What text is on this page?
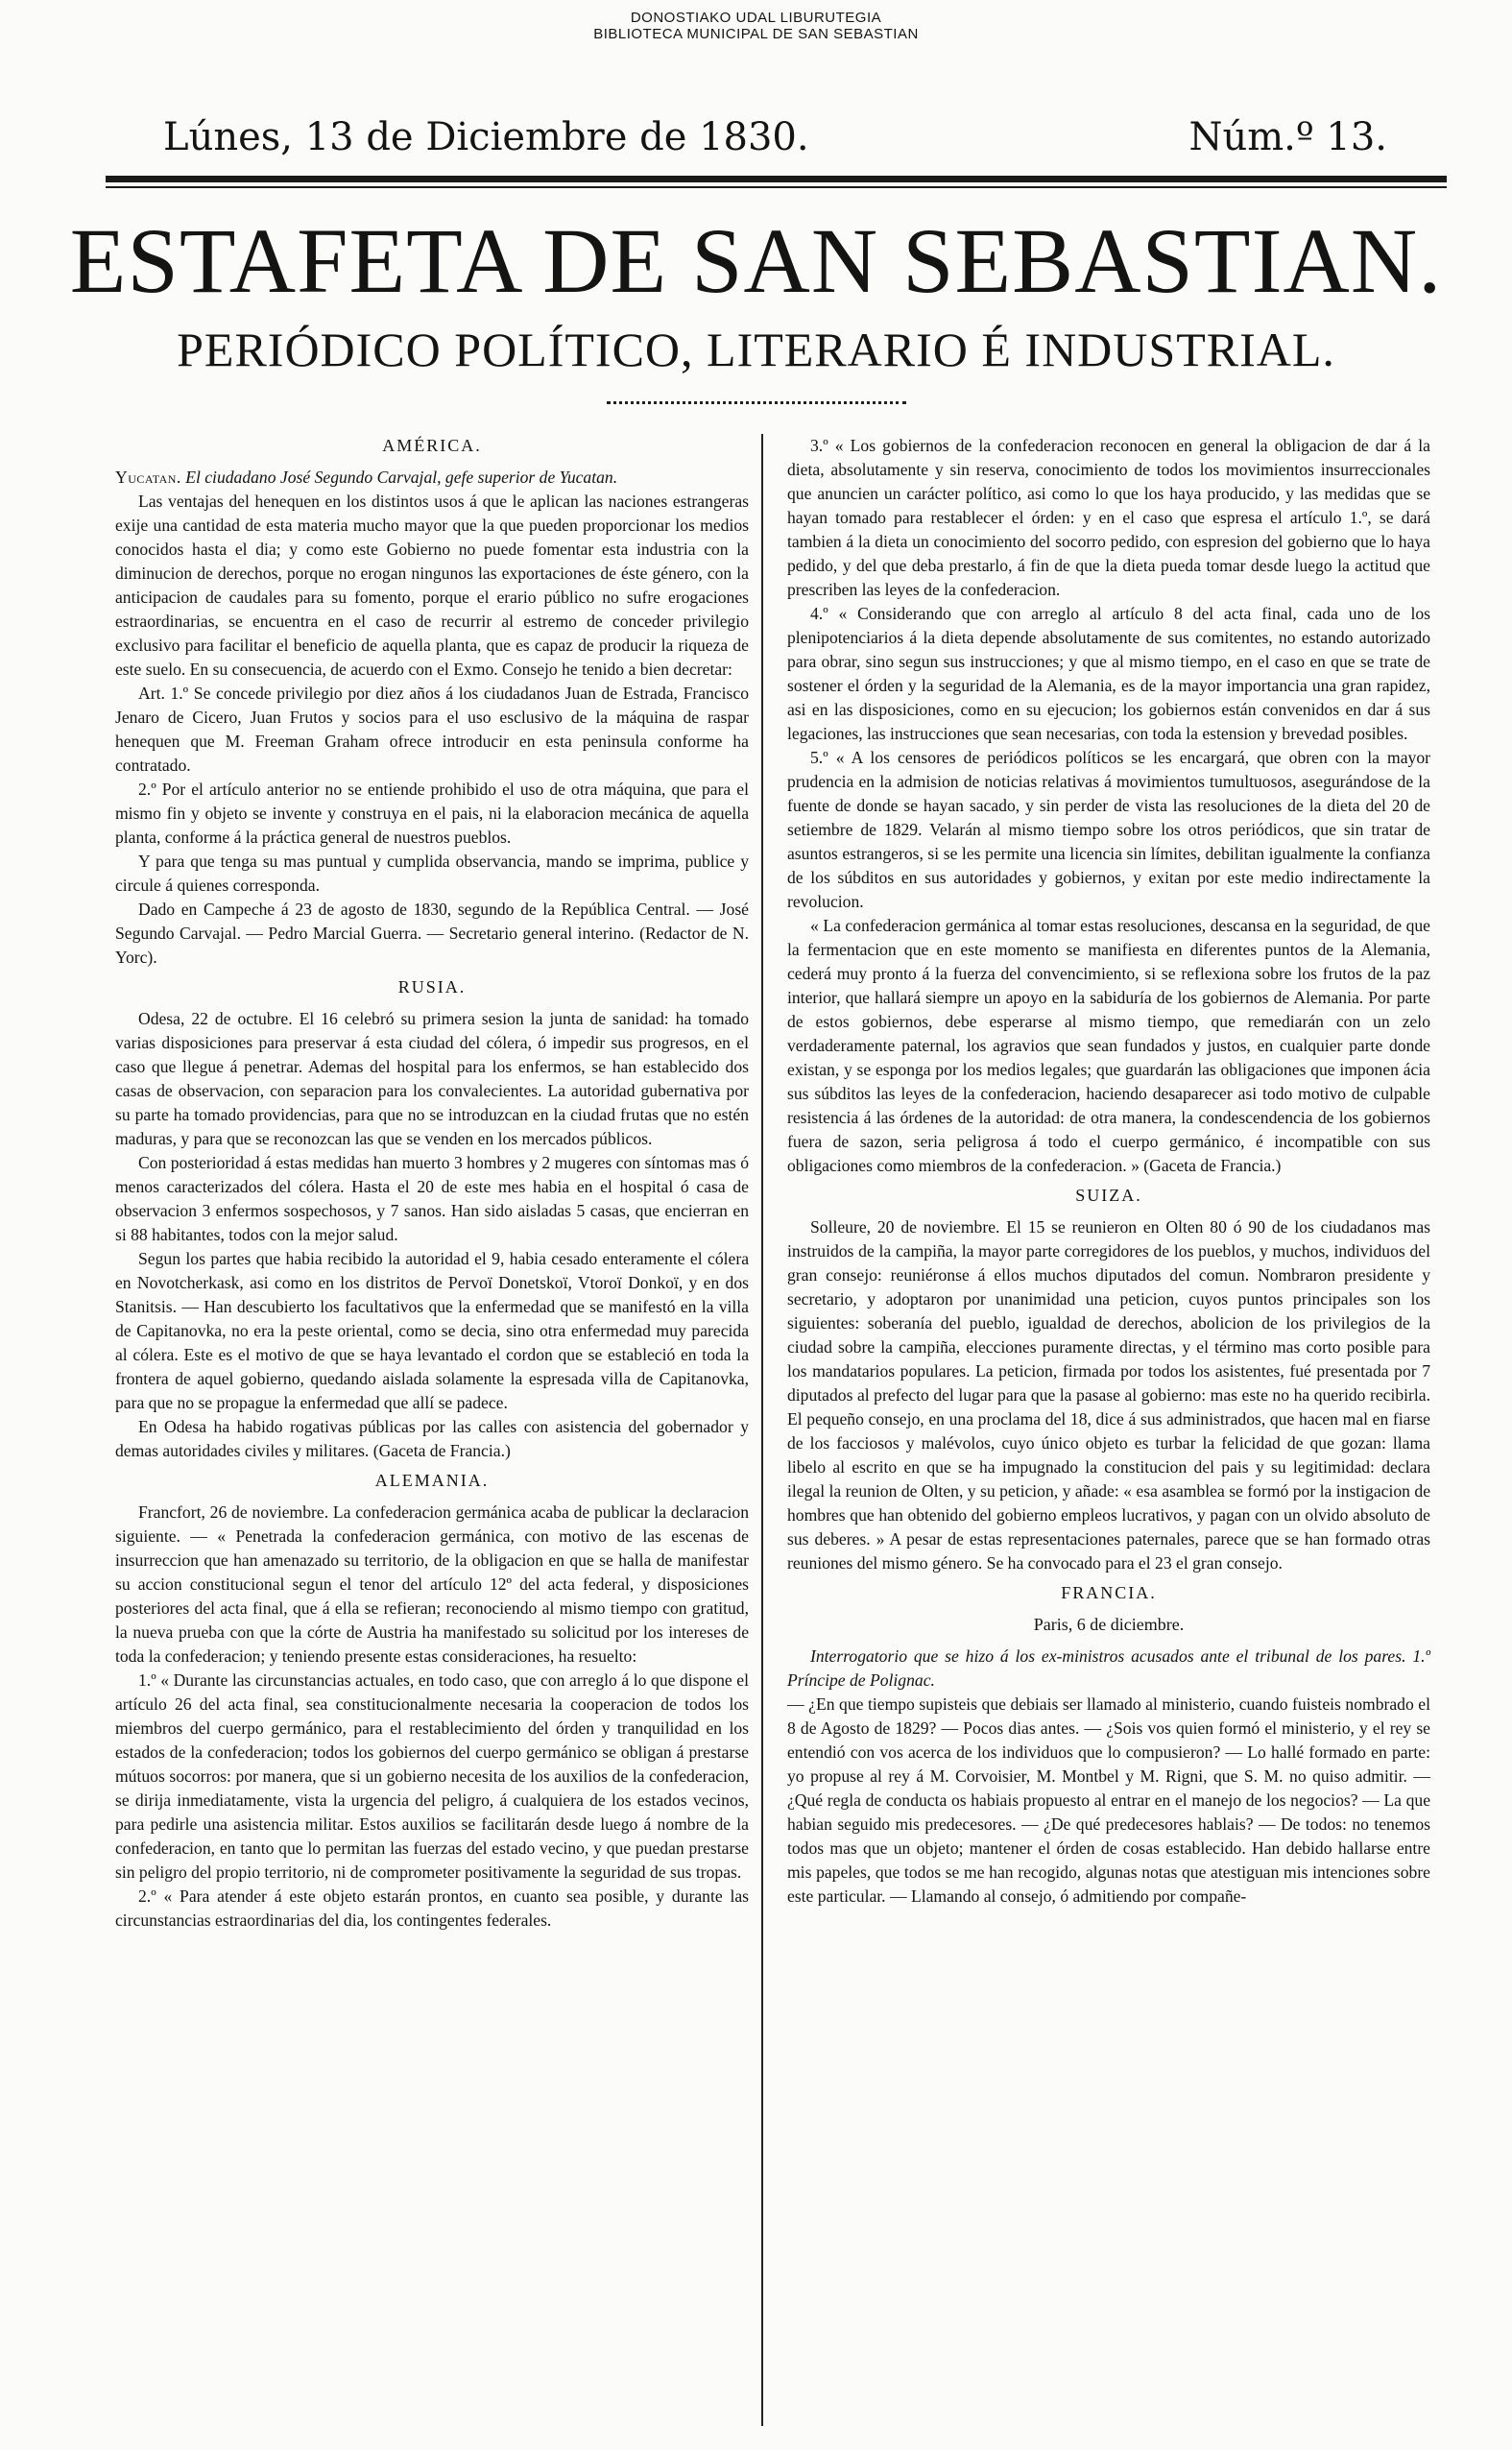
DONOSTIAKO UDAL LIBURUTEGIA
BIBLIOTECA MUNICIPAL DE SAN SEBASTIAN
Lúnes, 13 de Diciembre de 1830.	Núm.º 13.
ESTAFETA DE SAN SEBASTIAN.
PERIÓDICO POLÍTICO, LITERARIO É INDUSTRIAL.
AMÉRICA.

Yucatan. El ciudadano José Segundo Carvajal, gefe superior de Yucatan.

Las ventajas del henequen en los distintos usos á que le aplican las naciones estrangeras exije una cantidad de esta materia mucho mayor que la que pueden proporcionar los medios conocidos hasta el dia; y como este Gobierno no puede fomentar esta industria con la diminucion de derechos, porque no erogan ningunos las exportaciones de éste género, con la anticipacion de caudales para su fomento, porque el erario público no sufre erogaciones estraordinarias, se encuentra en el caso de recurrir al estremo de conceder privilegio exclusivo para facilitar el beneficio de aquella planta, que es capaz de producir la riqueza de este suelo. En su consecuencia, de acuerdo con el Exmo. Consejo he tenido a bien decretar:

Art. 1.º Se concede privilegio por diez años á los ciudadanos Juan de Estrada, Francisco Jenaro de Cicero, Juan Frutos y socios para el uso esclusivo de la máquina de raspar henequen que M. Freeman Graham ofrece introducir en esta peninsula conforme ha contratado.

2.º Por el artículo anterior no se entiende prohibido el uso de otra máquina, que para el mismo fin y objeto se invente y construya en el pais, ni la elaboracion mecánica de aquella planta, conforme á la práctica general de nuestros pueblos.

Y para que tenga su mas puntual y cumplida observancia, mando se imprima, publice y circule á quienes corresponda.

Dado en Campeche á 23 de agosto de 1830, segundo de la República Central. — José Segundo Carvajal. — Pedro Marcial Guerra. — Secretario general interino. (Redactor de N. Yorc).

RUSIA.

Odesa, 22 de octubre. El 16 celebró su primera sesion la junta de sanidad: ha tomado varias disposiciones para preservar á esta ciudad del cólera, ó impedir sus progresos, en el caso que llegue á penetrar. Ademas del hospital para los enfermos, se han establecido dos casas de observacion, con separacion para los convalecientes. La autoridad gubernativa por su parte ha tomado providencias, para que no se introduzcan en la ciudad frutas que no estén maduras, y para que se reconozcan las que se venden en los mercados públicos.

Con posterioridad á estas medidas han muerto 3 hombres y 2 mugeres con síntomas mas ó menos caracterizados del cólera. Hasta el 20 de este mes habia en el hospital ó casa de observacion 3 enfermos sospechosos, y 7 sanos. Han sido aisladas 5 casas, que encierran en si 88 habitantes, todos con la mejor salud.

Segun los partes que habia recibido la autoridad el 9, habia cesado enteramente el cólera en Novotcherkask, asi como en los distritos de Pervoï Donetskoï, Vtoroï Donkoï, y en dos Stanitsis. — Han descubierto los facultativos que la enfermedad que se manifestó en la villa de Capitanovka, no era la peste oriental, como se decia, sino otra enfermedad muy parecida al cólera. Este es el motivo de que se haya levantado el cordon que se estableció en toda la frontera de aquel gobierno, quedando aislada solamente la espresada villa de Capitanovka, para que no se propague la enfermedad que allí se padece.

En Odesa ha habido rogativas públicas por las calles con asistencia del gobernador y demas autoridades civiles y militares. (Gaceta de Francia.)

ALEMANIA.

Francfort, 26 de noviembre. La confederacion germánica acaba de publicar la declaracion siguiente. — « Penetrada la confederacion germánica, con motivo de las escenas de insurreccion que han amenazado su territorio, de la obligacion en que se halla de manifestar su accion constitucional segun el tenor del artículo 12º del acta federal, y disposiciones posteriores del acta final, que á ella se refieran; reconociendo al mismo tiempo con gratitud, la nueva prueba con que la córte de Austria ha manifestado su solicitud por los intereses de toda la confederacion; y teniendo presente estas consideraciones, ha resuelto:

1.º « Durante las circunstancias actuales, en todo caso, que con arreglo á lo que dispone el artículo 26 del acta final, sea constitucionalmente necesaria la cooperacion de todos los miembros del cuerpo germánico, para el restablecimiento del órden y tranquilidad en los estados de la confederacion; todos los gobiernos del cuerpo germánico se obligan á prestarse mútuos socorros: por manera, que si un gobierno necesita de los auxilios de la confederacion, se dirija inmediatamente, vista la urgencia del peligro, á cualquiera de los estados vecinos, para pedirle una asistencia militar. Estos auxilios se facilitarán desde luego á nombre de la confederacion, en tanto que lo permitan las fuerzas del estado vecino, y que puedan prestarse sin peligro del propio territorio, ni de comprometer positivamente la seguridad de sus tropas.

2.º « Para atender á este objeto estarán prontos, en cuanto sea posible, y durante las circunstancias estraordinarias del dia, los contingentes federales.

3.º « Los gobiernos de la confederacion reconocen en general la obligacion de dar á la dieta, absolutamente y sin reserva, conocimiento de todos los movimientos insurreccionales que anuncien un carácter político, asi como lo que los haya producido, y las medidas que se hayan tomado para restablecer el órden: y en el caso que espresa el artículo 1.º, se dará tambien á la dieta un conocimiento del socorro pedido, con espresion del gobierno que lo haya pedido, y del que deba prestarlo, á fin de que la dieta pueda tomar desde luego la actitud que prescriben las leyes de la confederacion.

4.º « Considerando que con arreglo al artículo 8 del acta final, cada uno de los plenipotenciarios á la dieta depende absolutamente de sus comitentes, no estando autorizado para obrar, sino segun sus instrucciones; y que al mismo tiempo, en el caso en que se trate de sostener el órden y la seguridad de la Alemania, es de la mayor importancia una gran rapidez, asi en las disposiciones, como en su ejecucion; los gobiernos están convenidos en dar á sus legaciones, las instrucciones que sean necesarias, con toda la estension y brevedad posibles.

5.º « A los censores de periódicos políticos se les encargará, que obren con la mayor prudencia en la admision de noticias relativas á movimientos tumultuosos, asegurándose de la fuente de donde se hayan sacado, y sin perder de vista las resoluciones de la dieta del 20 de setiembre de 1829. Velarán al mismo tiempo sobre los otros periódicos, que sin tratar de asuntos estrangeros, si se les permite una licencia sin límites, debilitan igualmente la confianza de los súbditos en sus autoridades y gobiernos, y exitan por este medio indirectamente la revolucion.

« La confederacion germánica al tomar estas resoluciones, descansa en la seguridad, de que la fermentacion que en este momento se manifiesta en diferentes puntos de la Alemania, cederá muy pronto á la fuerza del convencimiento, si se reflexiona sobre los frutos de la paz interior, que hallará siempre un apoyo en la sabiduría de los gobiernos de Alemania. Por parte de estos gobiernos, debe esperarse al mismo tiempo, que remediarán con un zelo verdaderamente paternal, los agravios que sean fundados y justos, en cualquier parte donde existan, y se esponga por los medios legales; que guardarán las obligaciones que imponen ácia sus súbditos las leyes de la confederacion, haciendo desaparecer asi todo motivo de culpable resistencia á las órdenes de la autoridad: de otra manera, la condescendencia de los gobiernos fuera de sazon, seria peligrosa á todo el cuerpo germánico, é incompatible con sus obligaciones como miembros de la confederacion. » (Gaceta de Francia.)

SUIZA.

Solleure, 20 de noviembre. El 15 se reunieron en Olten 80 ó 90 de los ciudadanos mas instruidos de la campiña, la mayor parte corregidores de los pueblos, y muchos, individuos del gran consejo: reuniéronse á ellos muchos diputados del comun. Nombraron presidente y secretario, y adoptaron por unanimidad una peticion, cuyos puntos principales son los siguientes: soberanía del pueblo, igualdad de derechos, abolicion de los privilegios de la ciudad sobre la campiña, elecciones puramente directas, y el término mas corto posible para los mandatarios populares. La peticion, firmada por todos los asistentes, fué presentada por 7 diputados al prefecto del lugar para que la pasase al gobierno: mas este no ha querido recibirla. El pequeño consejo, en una proclama del 18, dice á sus administrados, que hacen mal en fiarse de los facciosos y malévolos, cuyo único objeto es turbar la felicidad de que gozan: llama libelo al escrito en que se ha impugnado la constitucion del pais y su legitimidad: declara ilegal la reunion de Olten, y su peticion, y añade: « esa asamblea se formó por la instigacion de hombres que han obtenido del gobierno empleos lucrativos, y pagan con un olvido absoluto de sus deberes. » A pesar de estas representaciones paternales, parece que se han formado otras reuniones del mismo género. Se ha convocado para el 23 el gran consejo.

FRANCIA.
Paris, 6 de diciembre.

Interrogatorio que se hizo á los ex-ministros acusados ante el tribunal de los pares. 1.º Príncipe de Polignac.

— ¿En que tiempo supisteis que debiais ser llamado al ministerio, cuando fuisteis nombrado el 8 de Agosto de 1829? — Pocos dias antes. — ¿Sois vos quien formó el ministerio, y el rey se entendió con vos acerca de los individuos que lo compusieron? — Lo hallé formado en parte: yo propuse al rey á M. Corvoisier, M. Montbel y M. Rigni, que S. M. no quiso admitir. — ¿Qué regla de conducta os habiais propuesto al entrar en el manejo de los negocios? — La que habian seguido mis predecesores. — ¿De qué predecesores hablais? — De todos: no tenemos todos mas que un objeto; mantener el órden de cosas establecido. Han debido hallarse entre mis papeles, que todos se me han recogido, algunas notas que atestiguan mis intenciones sobre este particular. — Llamando al consejo, ó admitiendo por compañe-
